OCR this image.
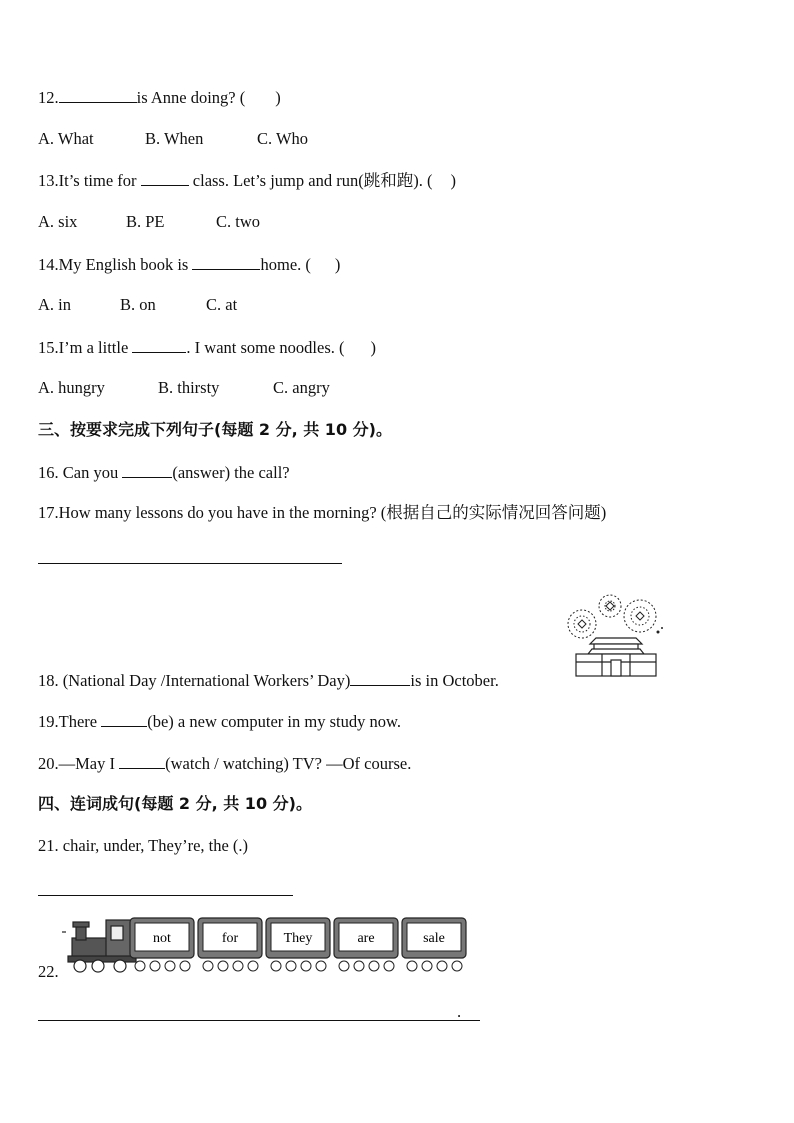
12.	is Anne doing? ( )
A. What	B. When	C. Who
13.It’s time for	class. Let’s jump and run(跳和跑). ( )
A. six	B. PE	C. two
14.My English book is	home. ( )
A. in	B. on	C. at
15.I’m a little	. I want some noodles. ( )
A. hungry	B. thirsty	C. angry
三、按要求完成下列句子(每题 2 分, 共 10 分)。
16. Can you	(answer) the call?
17.How many lessons do you have in the morning? (根据自己的实际情况回答问题)
18. (National Day /International Workers’ Day)	is in October.
19.There	(be) a new computer in my study now.
20.—May I	(watch / watching) TV? —Of course.
四、连词成句(每题 2 分, 共 10 分)。
21. chair, under, They’re, the (.)
22.
not	for	They	are	sale
.
